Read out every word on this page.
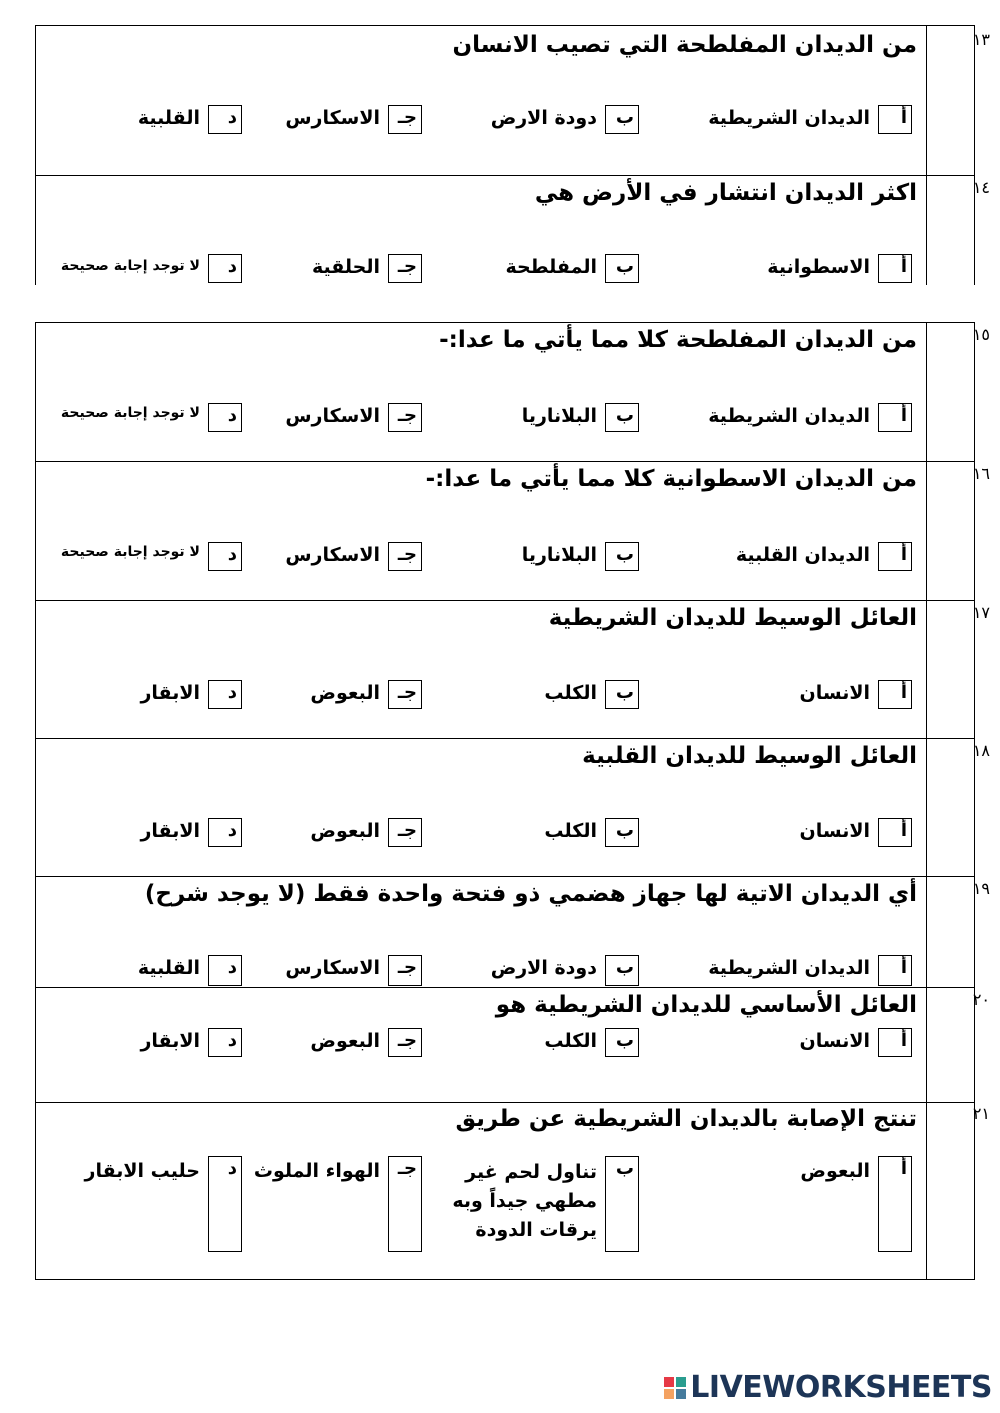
١٣
من الديدان المفلطحة التي تصيب الانسان
أ
الديدان الشريطية
ب
دودة الارض
جـ
الاسكارس
د
القلبية
١٤
اكثر الديدان انتشار في الأرض هي
أ
الاسطوانية
ب
المفلطحة
جـ
الحلقية
د
لا توجد إجابة صحيحة
١٥
من الديدان المفلطحة كلا مما يأتي ما عدا:-
أ
الديدان الشريطية
ب
البلاناريا
جـ
الاسكارس
د
لا توجد إجابة صحيحة
١٦
من الديدان الاسطوانية كلا مما يأتي ما عدا:-
أ
الديدان القلبية
ب
البلاناريا
جـ
الاسكارس
د
لا توجد إجابة صحيحة
١٧
العائل الوسيط للديدان الشريطية
أ
الانسان
ب
الكلب
جـ
البعوض
د
الابقار
١٨
العائل الوسيط للديدان القلبية
أ
الانسان
ب
الكلب
جـ
البعوض
د
الابقار
١٩
أي الديدان الاتية لها جهاز هضمي ذو فتحة واحدة فقط (لا يوجد شرح)
أ
الديدان الشريطية
ب
دودة الارض
جـ
الاسكارس
د
القلبية
٢٠
العائل الأساسي للديدان الشريطية هو
أ
الانسان
ب
الكلب
جـ
البعوض
د
الابقار
٢١
تنتج الإصابة بالديدان الشريطية عن طريق
أ
البعوض
ب
تناول لحم غير مطهي جيداً وبه يرقات الدودة
جـ
الهواء الملوث
د
حليب الابقار
LIVEWORKSHEETS
